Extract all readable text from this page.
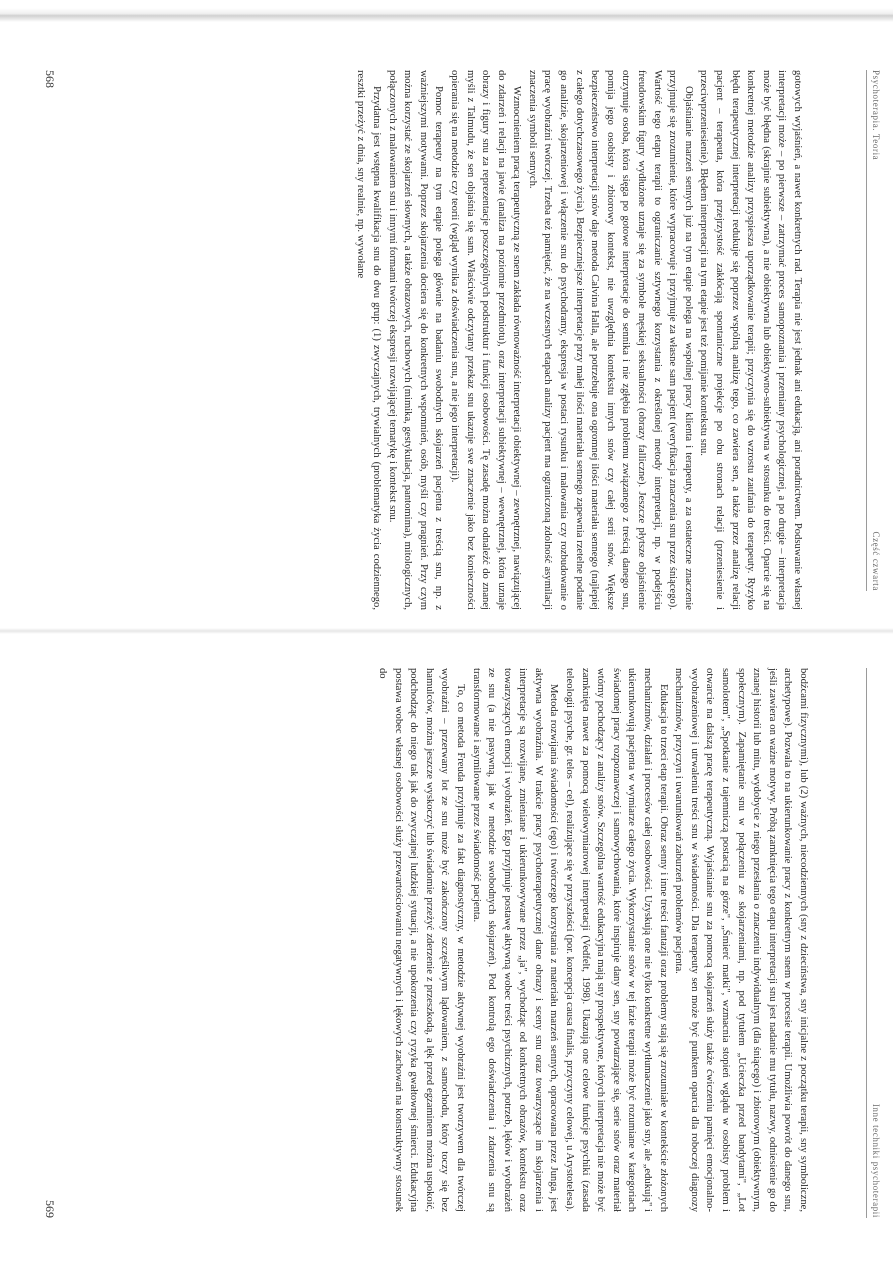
Psychoterapia. Teoria
Część czwarta

gotowych wyjaśnień, a nawet konkretnych rad. Terapia nie jest jednak ani edukacją, ani poradnictwem. Podsuwanie własnej interpretacji może – po pierwsze – zatrzymać proces samopoznania i przemiany psychologicznej, a po drugie – interpretacja może być błędna (skrajnie subiektywna), a nie obiektywna lub obiektywno-subiektywna w stosunku do treści. Oparcie się na konkretnej metodzie analizy przyspiesza uporządkowanie terapii; przyczynia się do wzrostu zaufania do terapeuty. Ryzyko błędu terapeutycznej interpretacji redukuje się poprzez wspólną analizę tego, co zawiera sen, a także przez analizę relacji pacjent – terapeuta, która przejrzystość zakłócają spontaniczne projekcje po obu stronach relacji (przeniesienie i przeciwprzeniesienie). Błędem interpretacji na tym etapie jest też pomijanie kontekstu snu.

Objaśnianie marzeń sennych już na tym etapie polega na wspólnej pracy klienta i terapeuty, a za ostateczne znaczenie przyjmuje się zrozumienie, które wypracowuje i przyjmuje za własne sam pacjent (weryfikacja znaczenia snu przez śniącego). Wartość tego etapu terapii to ograniczanie sztywnego korzystania z określonej metody interpretacji, np. w podejściu freudowskim figury wydłużone uznaje się za symbole męskiej seksualności (obrazy falliczne). Jeszcze płytsze objaśnienie otrzymuje osoba, która sięga po gotowe interpretacje do sennika i nie zgłębia problemu związanego z treścią danego snu, pomija jego osobisty i zbiorowy kontekst, nie uwzględnia kontekstu innych snów czy całej serii snów. Większe bezpieczeństwo interpretacji snów daje metoda Calvina Halla, ale potrzebuje ona ogromnej ilości materiału sennego (najlepiej z całego dotychczasowego życia). Bezpieczniejsze interpretacje przy małej ilości materiału sennego zapewnia rzetelne podanie go analizie, skojarzeniowej i włączenie snu do psychodramy, ekspresja w postaci rysunku i malowania czy rozbudowanie o pracę wyobraźni twórczej. Trzeba też pamiętać, że na wczesnych etapach analizy pacjent ma ograniczoną zdolność asymilacji znaczenia symboli sennych.

Wzmocnieniem pracą terapeutyczną ze snem zakłada równoważność interpretacji obiektywnej – zewnętrznej, nawiązującej do zdarzeń i relacji na jawie (analiza na poziomie przedmiotu), oraz interpretacji subiektywnej – wewnętrznej, która uznaje obrazy i figury snu za reprezentacje poszczególnych podstruktur i funkcji osobowości. Tę zasadę można odnaleźć do znanej myśli z Talmudu, że sen objaśnia się sam. Właściwie odczytany przekaz snu ukazuje swe znaczenie jako bez konieczności opierania się na metodzie czy teorii (wgląd wynika z doświadczenia snu, a nie jego interpretacji).

Pomoc terapeuty na tym etapie polega głównie na badaniu swobodnych skojarzeń pacjenta z treścią snu, np. z ważniejszymi motywami. Poprzez skojarzenia dociera się do konkretnych wspomnień, osób, myśli czy pragnień. Przy czym można korzystać ze skojarzeń słownych, a także obrazowych, ruchowych (mimika, gestykulacja, pantomima), mitologicznych, połączonych z malowaniem snu i innymi formami twórczej ekspresji rozwijającej tematykę i kontekst snu.

Przydatna jest wstępna kwalifikacja snu do dwu grup: (1) zwyczajnych, trywialnych (problematyka życia codziennego, resztki przeżyć z dnia, sny realnie, np. wywołane

568
Inne techniki psychoterapii

bodźcami fizycznymi), lub (2) ważnych, niecodziennych (sny z dzieciństwa, sny inicjalne z początku terapii, sny symboliczne, archetypowe). Pozwala to na ukierunkowanie pracy z konkretnym snem w procesie terapii. Umożliwia powrót do danego snu, jeśli zawiera on ważne motywy. Próbą zamknięcia tego etapu interpretacji snu jest nadanie mu tytułu, nazwy, odniesienie go do znanej historii lub mitu, wydobycie z niego przesłania o znaczeniu indywidualnym (dla śniącego) i zbiorowym (obiektywnym, społecznym). Zapamiętanie snu w połączeniu ze skojarzeniami, np. pod tytułem „Ucieczka przed bandytami", „Lot samolotem", „Spotkanie z tajemniczą postacią na górze", „Śmierć matki", wzmacnia stopień wglądu w osobisty problem i otwarcie na dalszą pracę terapeutyczną. Wyjaśnianie snu za pomocą skojarzeń służy także ćwiczeniu pamięci emocjonalno-wyobrażeniowej i utrwaleniu treści snu w świadomości. Dla terapeuty sen może być punktem oparcia dla roboczej diagnozy mechanizmów, przyczyn i uwarunkowań zaburzeń problemów pacjenta.

Edukacja to trzeci etap terapii. Obraz senny i inne treści fantazji oraz problemy stają się zrozumiałe w kontekście złożonych mechanizmów, działań i procesów całej osobowości. Uzyskują one nie tylko konkretne wytłumaczenie jako sny, ale „edukują" i ukierunkowują pacjenta w wymiarze całego życia. Wykorzystanie snów w tej fazie terapii może być rozumiane w kategoriach świadomej pracy rozpoznawczej i samowychowania, które inspiruje dany sen, sny powtarzające się, serie snów oraz materiał wtórny pochodzący z analizy snów. Szczególna wartość edukacyjna mają sny prospektywne, których interpretacja nie może być zamknięta nawet za pomocą wielowymiarowej interpretacji (Vedfelt, 1998). Ukazują one celowe funkcje psychiki (zasada teleologii psyche, gr. telos – cel), realizujące się w przyszłości (por. koncepcja causa finalis, przyczyny celowej, u Arystotelesa).

Metoda rozwijania świadomości (ego) i twórczego korzystania z materiału marzeń sennych, opracowana przez Junga, jest aktywna wyobraźnia. W trakcie pracy psychoterapeutycznej dane obrazy i sceny snu oraz towarzyszące im skojarzenia i interpretacje są rozwijane, zmieniane i ukierunkowywane przez „ja", wychodząc od konkretnych obrazów, kontekstu oraz towarzyszących emocji i wyobrażeń. Ego przyjmuje postawę aktywną wobec treści psychicznych, potrzeb, lęków i wyobrażeń ze snu (a nie pasywną, jak w metodzie swobodnych skojarzeń). Pod kontrolą ego doświadczenia i zdarzenia snu są transformowane i asymilowane przez świadomość pacjenta.

To, co metoda Freuda przyjmuje za fakt diagnostyczny, w metodzie aktywnej wyobraźni jest tworzywem dla twórczej wyobraźni – przerwany lot ze snu może być zakończony szczęśliwym lądowaniem, z samochodu, który toczy się bez hamulców, można jeszcze wyskoczyć lub świadomie przeżyć zderzenie z przeszkodą, a lęk przed egzaminem można uspokoić, podchodząc do niego tak jak do zwyczajnej ludzkiej sytuacji, a nie upokorzenia czy ryzyka gwałtownej śmierci. Edukacyjna postawa wobec własnej osobowości służy przewartościowaniu negatywnych i lękowych zachowań na konstruktywny stosunek do

569
